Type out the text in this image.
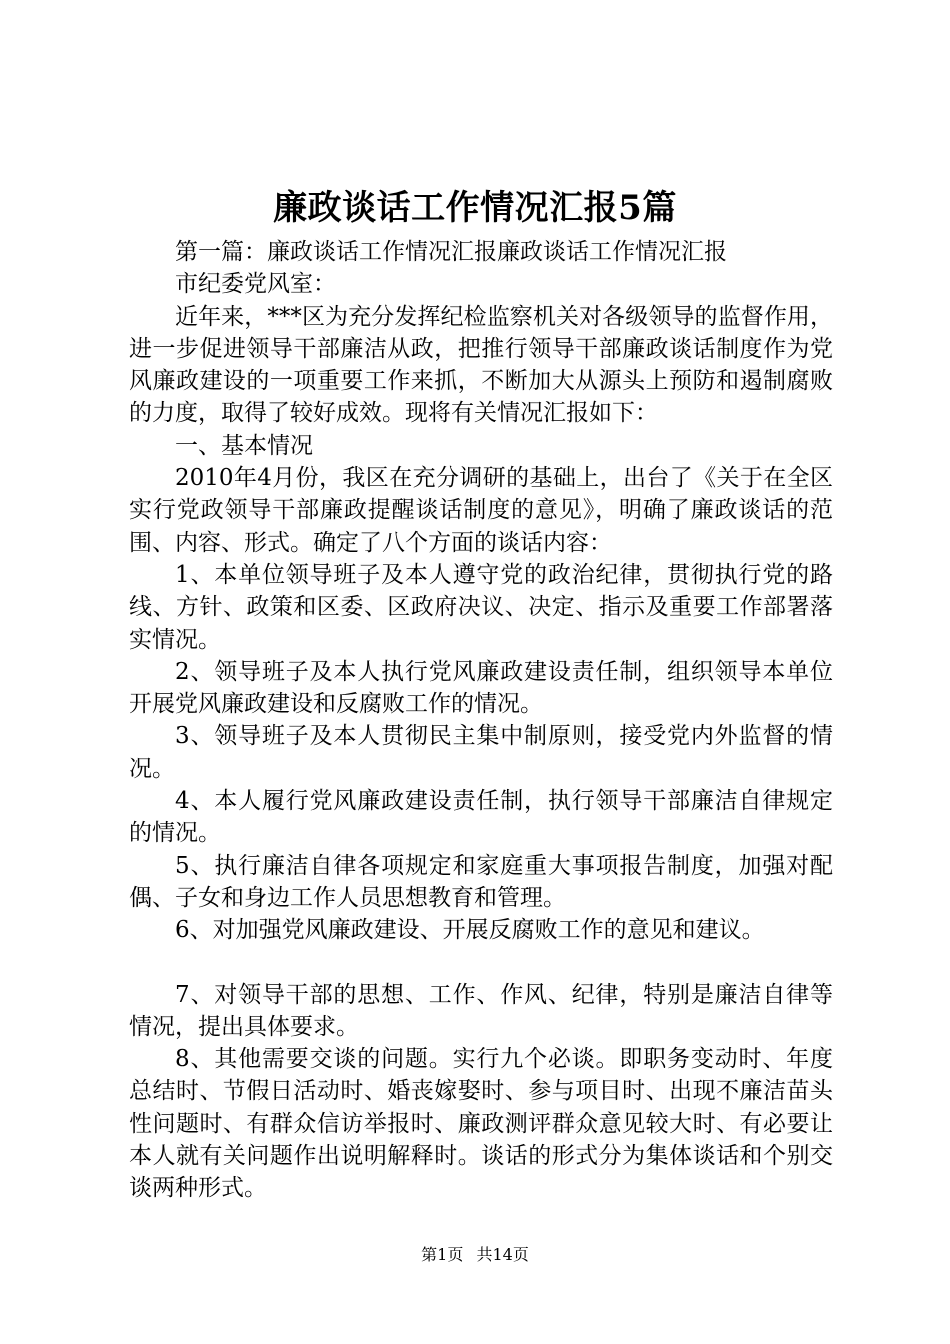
廉政谈话工作情况汇报5篇

第一篇：廉政谈话工作情况汇报廉政谈话工作情况汇报

市纪委党风室：

近年来，***区为充分发挥纪检监察机关对各级领导的监督作用，进一步促进领导干部廉洁从政，把推行领导干部廉政谈话制度作为党风廉政建设的一项重要工作来抓，不断加大从源头上预防和遏制腐败的力度，取得了较好成效。现将有关情况汇报如下：

一、基本情况

2010年4月份，我区在充分调研的基础上，出台了《关于在全区实行党政领导干部廉政提醒谈话制度的意见》，明确了廉政谈话的范围、内容、形式。确定了八个方面的谈话内容：

1、本单位领导班子及本人遵守党的政治纪律，贯彻执行党的路线、方针、政策和区委、区政府决议、决定、指示及重要工作部署落实情况。

2、领导班子及本人执行党风廉政建设责任制，组织领导本单位开展党风廉政建设和反腐败工作的情况。

3、领导班子及本人贯彻民主集中制原则，接受党内外监督的情况。

4、本人履行党风廉政建设责任制，执行领导干部廉洁自律规定的情况。

5、执行廉洁自律各项规定和家庭重大事项报告制度，加强对配偶、子女和身边工作人员思想教育和管理。

6、对加强党风廉政建设、开展反腐败工作的意见和建议。

7、对领导干部的思想、工作、作风、纪律，特别是廉洁自律等情况，提出具体要求。

8、其他需要交谈的问题。实行九个必谈。即职务变动时、年度总结时、节假日活动时、婚丧嫁娶时、参与项目时、出现不廉洁苗头性问题时、有群众信访举报时、廉政测评群众意见较大时、有必要让本人就有关问题作出说明解释时。谈话的形式分为集体谈话和个别交谈两种形式。

第1页 共14页
